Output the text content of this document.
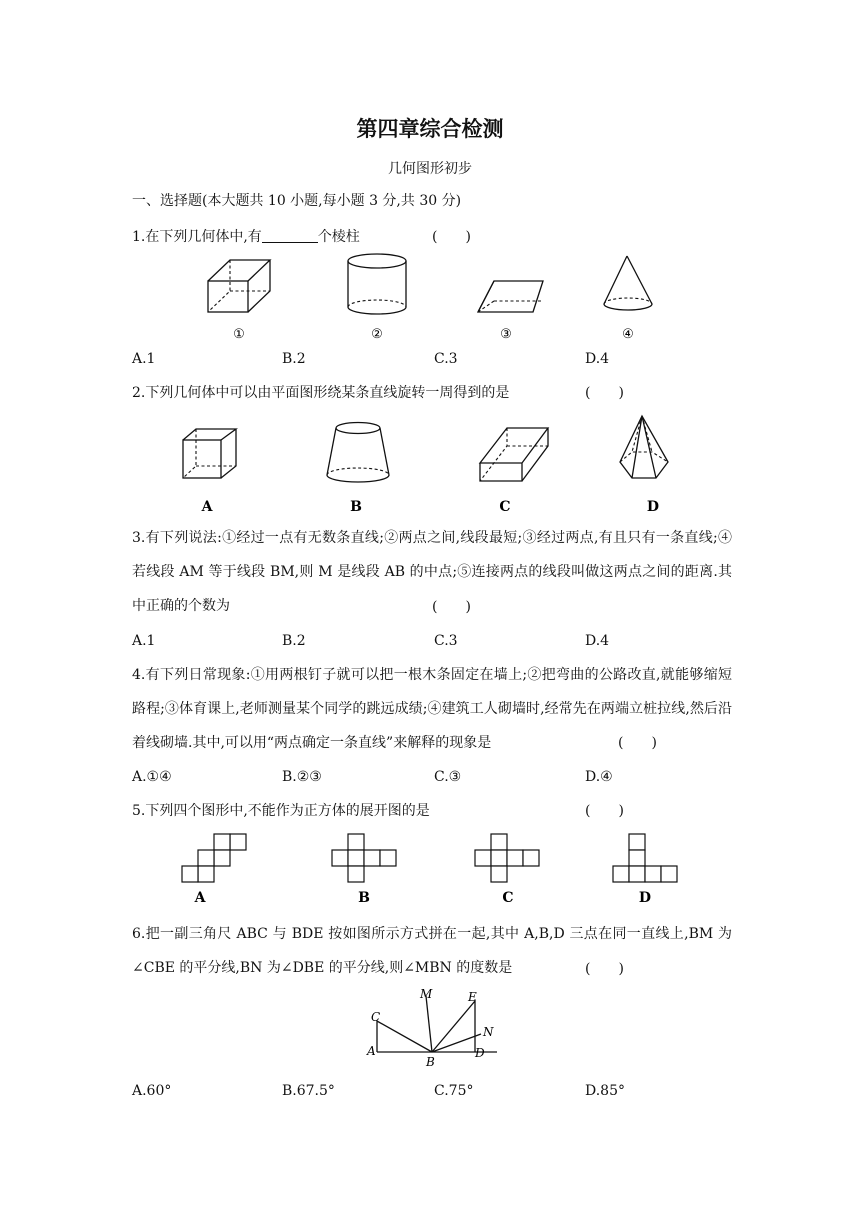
第四章综合检测
几何图形初步
一、选择题(本大题共 10 小题,每小题 3 分,共 30 分)
1.在下列几何体中,有	个棱柱	(　　)
①	②	③	④
A.1	B.2	C.3	D.4
2.下列几何体中可以由平面图形绕某条直线旋转一周得到的是	(　　)
A	B	C	D
3.有下列说法:①经过一点有无数条直线;②两点之间,线段最短;③经过两点,有且只有一条直线;④若线段 AM 等于线段 BM,则 M 是线段 AB 的中点;⑤连接两点的线段叫做这两点之间的距离.其中正确的个数为	(　　)
A.1	B.2	C.3	D.4
4.有下列日常现象:①用两根钉子就可以把一根木条固定在墙上;②把弯曲的公路改直,就能够缩短路程;③体育课上,老师测量某个同学的跳远成绩;④建筑工人砌墙时,经常先在两端立桩拉线,然后沿着线砌墙.其中,可以用“两点确定一条直线”来解释的现象是	(　　)
A.①④	B.②③	C.③	D.④
5.下列四个图形中,不能作为正方体的展开图的是	(　　)
A	B	C	D
6.把一副三角尺 ABC 与 BDE 按如图所示方式拼在一起,其中 A,B,D 三点在同一直线上,BM 为∠CBE 的平分线,BN 为∠DBE 的平分线,则∠MBN 的度数是	(　　)
M	E
N
C
A
B
D
A.60°	B.67.5°	C.75°	D.85°
